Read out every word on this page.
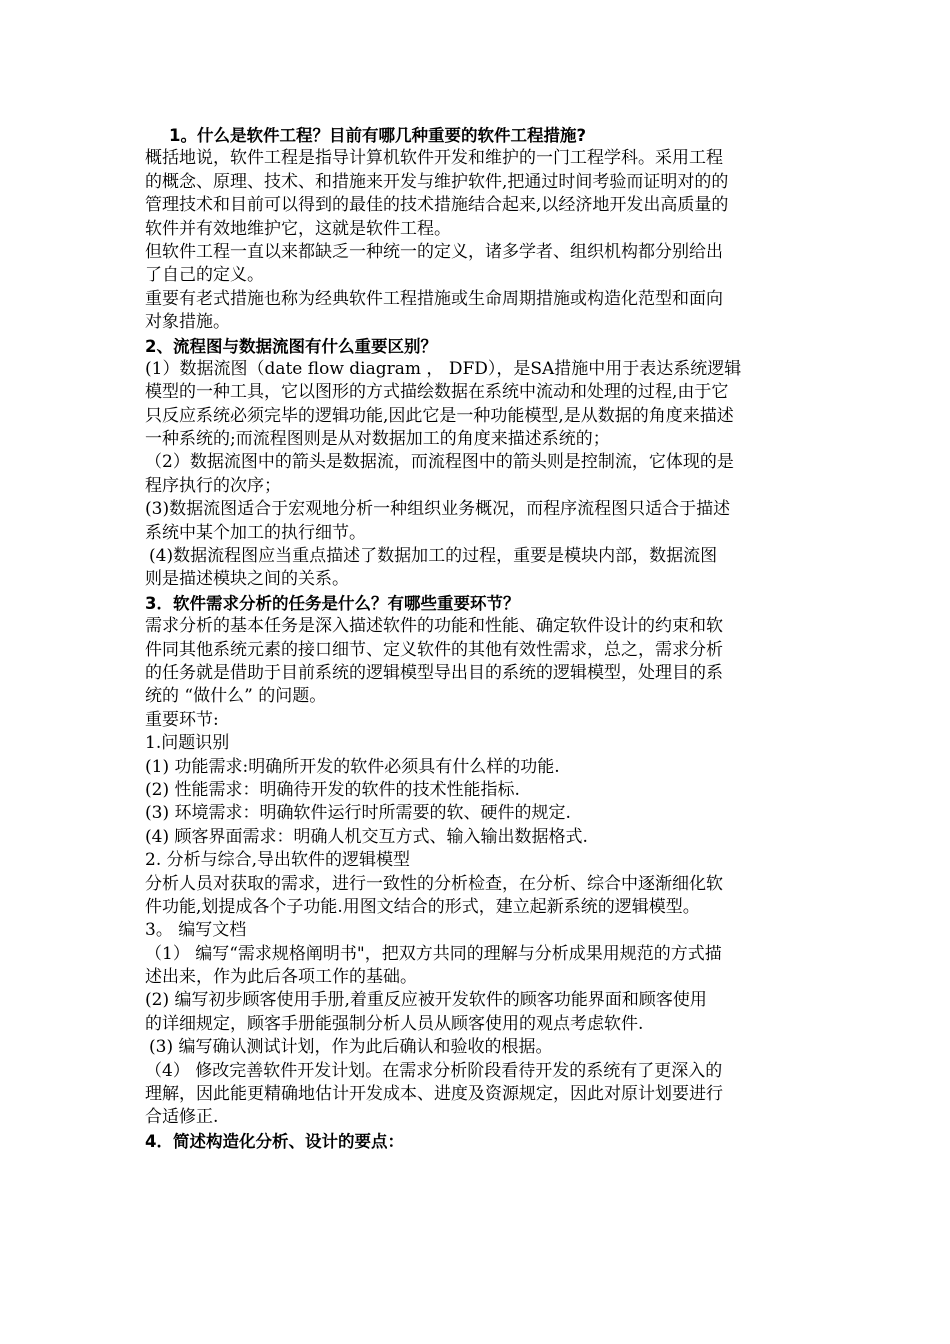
1。什么是软件工程？目前有哪几种重要的软件工程措施?
概括地说，软件工程是指导计算机软件开发和维护的一门工程学科。采用工程
的概念、原理、技术、和措施来开发与维护软件,把通过时间考验而证明对的的
管理技术和目前可以得到的最佳的技术措施结合起来,以经济地开发出高质量的
软件并有效地维护它，这就是软件工程。
但软件工程一直以来都缺乏一种统一的定义，诸多学者、组织机构都分别给出
了自己的定义。
重要有老式措施也称为经典软件工程措施或生命周期措施或构造化范型和面向
对象措施。
2、流程图与数据流图有什么重要区别？
(1）数据流图（date flow diagram ， DFD），是SA措施中用于表达系统逻辑
模型的一种工具，它以图形的方式描绘数据在系统中流动和处理的过程,由于它
只反应系统必须完毕的逻辑功能,因此它是一种功能模型,是从数据的角度来描述
一种系统的;而流程图则是从对数据加工的角度来描述系统的；
（2）数据流图中的箭头是数据流，而流程图中的箭头则是控制流，它体现的是
程序执行的次序；
(3)数据流图适合于宏观地分析一种组织业务概况，而程序流程图只适合于描述
系统中某个加工的执行细节。
(4)数据流程图应当重点描述了数据加工的过程，重要是模块内部，数据流图
则是描述模块之间的关系。
3．软件需求分析的任务是什么？有哪些重要环节？
需求分析的基本任务是深入描述软件的功能和性能、确定软件设计的约束和软
件同其他系统元素的接口细节、定义软件的其他有效性需求，总之，需求分析
的任务就是借助于目前系统的逻辑模型导出目的系统的逻辑模型，处理目的系
统的 “做什么” 的问题。
重要环节:
1.问题识别
(1) 功能需求:明确所开发的软件必须具有什么样的功能.
(2) 性能需求：明确待开发的软件的技术性能指标.
(3) 环境需求：明确软件运行时所需要的软、硬件的规定.
(4) 顾客界面需求：明确人机交互方式、输入输出数据格式.
2. 分析与综合,导出软件的逻辑模型
分析人员对获取的需求，进行一致性的分析检查，在分析、综合中逐渐细化软
件功能,划提成各个子功能.用图文结合的形式，建立起新系统的逻辑模型。
3。 编写文档
（1） 编写“需求规格阐明书"，把双方共同的理解与分析成果用规范的方式描
述出来，作为此后各项工作的基础。
(2) 编写初步顾客使用手册,着重反应被开发软件的顾客功能界面和顾客使用
的详细规定，顾客手册能强制分析人员从顾客使用的观点考虑软件.
(3) 编写确认测试计划，作为此后确认和验收的根据。
（4） 修改完善软件开发计划。在需求分析阶段看待开发的系统有了更深入的
理解，因此能更精确地估计开发成本、进度及资源规定，因此对原计划要进行
合适修正.
4．简述构造化分析、设计的要点：
